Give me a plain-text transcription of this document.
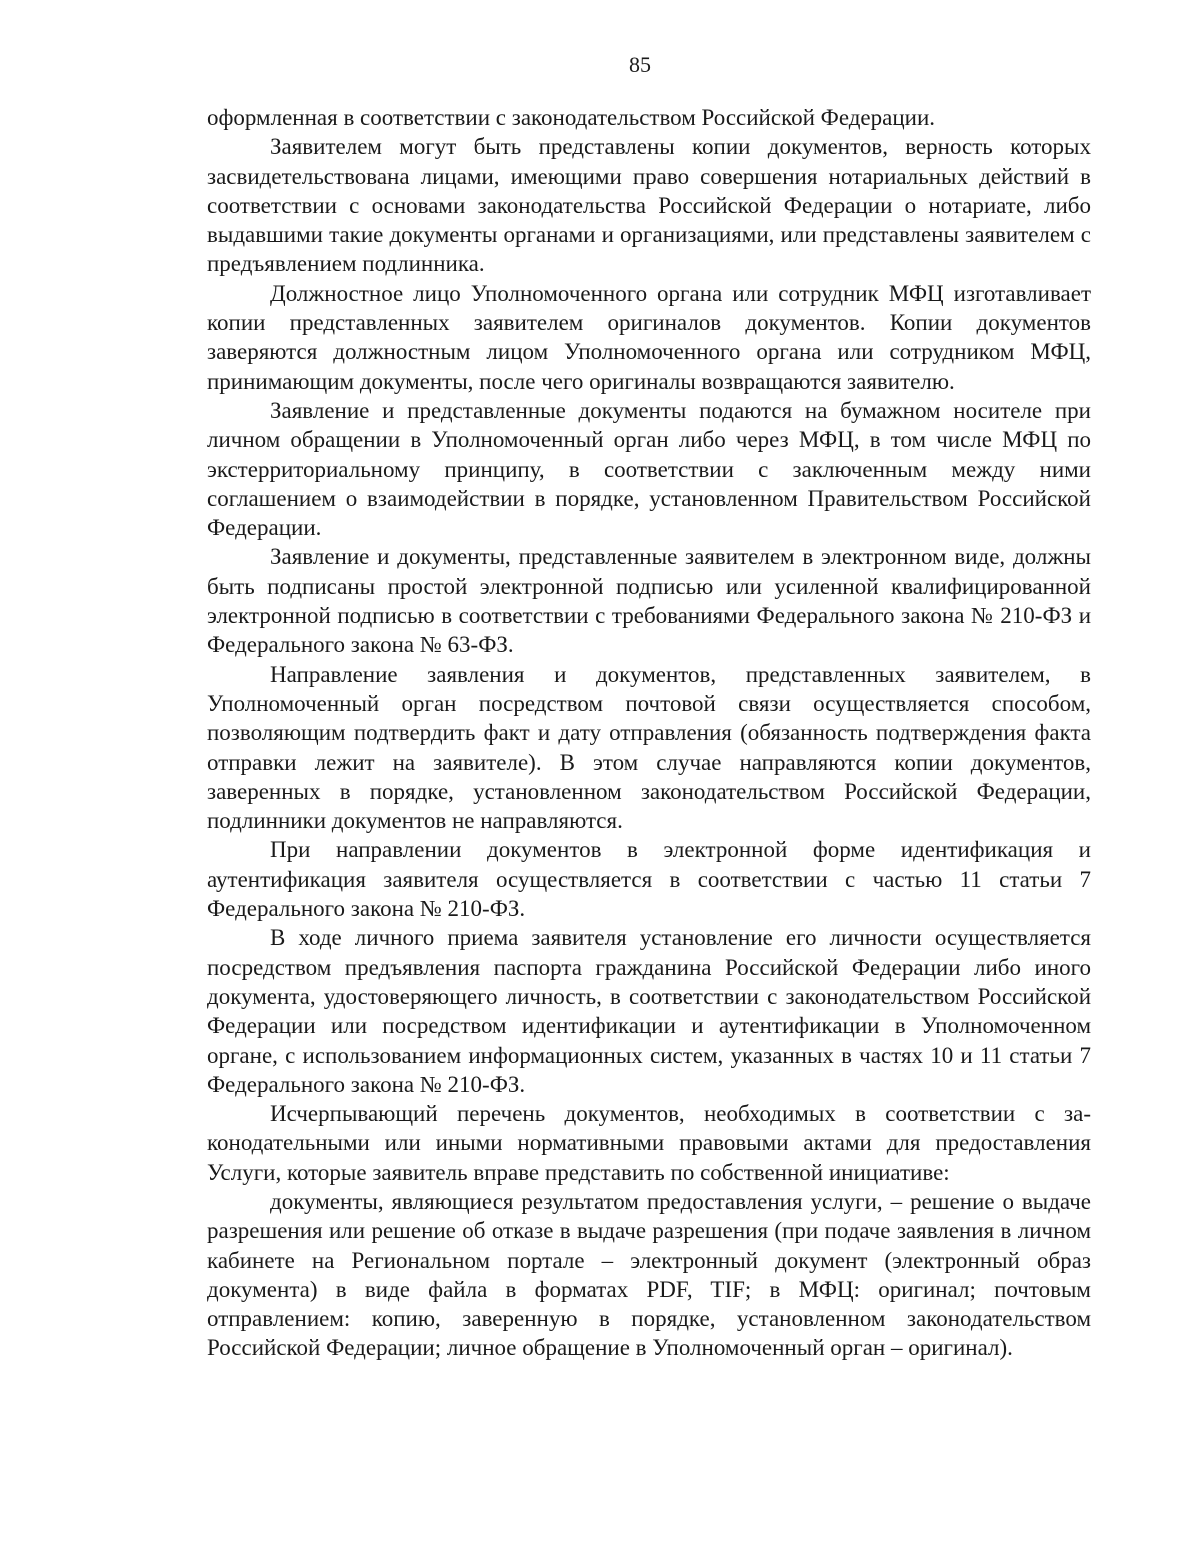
85

оформленная в соответствии с законодательством Российской Федерации.

Заявителем могут быть представлены копии документов, верность которых засвидетельствована лицами, имеющими право совершения нотариальных действий в соответствии с основами законодательства Российской Федерации о нотариате, либо выдавшими такие документы органами и организациями, или представлены заявителем с предъявлением подлинника.

Должностное лицо Уполномоченного органа или сотрудник МФЦ изготавливает копии представленных заявителем оригиналов документов. Копии документов заверяются должностным лицом Уполномоченного органа или сотрудником МФЦ, принимающим документы, после чего оригиналы возвращаются заявителю.

Заявление и представленные документы подаются на бумажном носителе при личном обращении в Уполномоченный орган либо через МФЦ, в том числе МФЦ по экстерриториальному принципу, в соответствии с заключенным между ними соглашением о взаимодействии в порядке, установленном Правительством Российской Федерации.

Заявление и документы, представленные заявителем в электронном виде, должны быть подписаны простой электронной подписью или усиленной квалифицированной электронной подписью в соответствии с требованиями Федерального закона № 210-ФЗ и Федерального закона № 63-ФЗ.

Направление заявления и документов, представленных заявителем, в Уполномоченный орган посредством почтовой связи осуществляется способом, позволяющим подтвердить факт и дату отправления (обязанность подтверждения факта отправки лежит на заявителе). В этом случае направляются копии документов, заверенных в порядке, установленном законодательством Российской Федерации, подлинники документов не направляются.

При направлении документов в электронной форме идентификация и аутентификация заявителя осуществляется в соответствии с частью 11 статьи 7 Федерального закона № 210-ФЗ.

В ходе личного приема заявителя установление его личности осуществляется посредством предъявления паспорта гражданина Российской Федерации либо иного документа, удостоверяющего личность, в соответствии с законодательством Российской Федерации или посредством идентификации и аутентификации в Уполномоченном органе, с использованием информационных систем, указанных в частях 10 и 11 статьи 7 Федерального закона № 210-ФЗ.

Исчерпывающий перечень документов, необходимых в соответствии с законодательными или иными нормативными правовыми актами для предоставления Услуги, которые заявитель вправе представить по собственной инициативе:

документы, являющиеся результатом предоставления услуги, – решение о выдаче разрешения или решение об отказе в выдаче разрешения (при подаче заявления в личном кабинете на Региональном портале – электронный документ (электронный образ документа) в виде файла в форматах PDF, TIF; в МФЦ: оригинал; почтовым отправлением: копию, заверенную в порядке, установленном законодательством Российской Федерации; личное обращение в Уполномоченный орган – оригинал).
